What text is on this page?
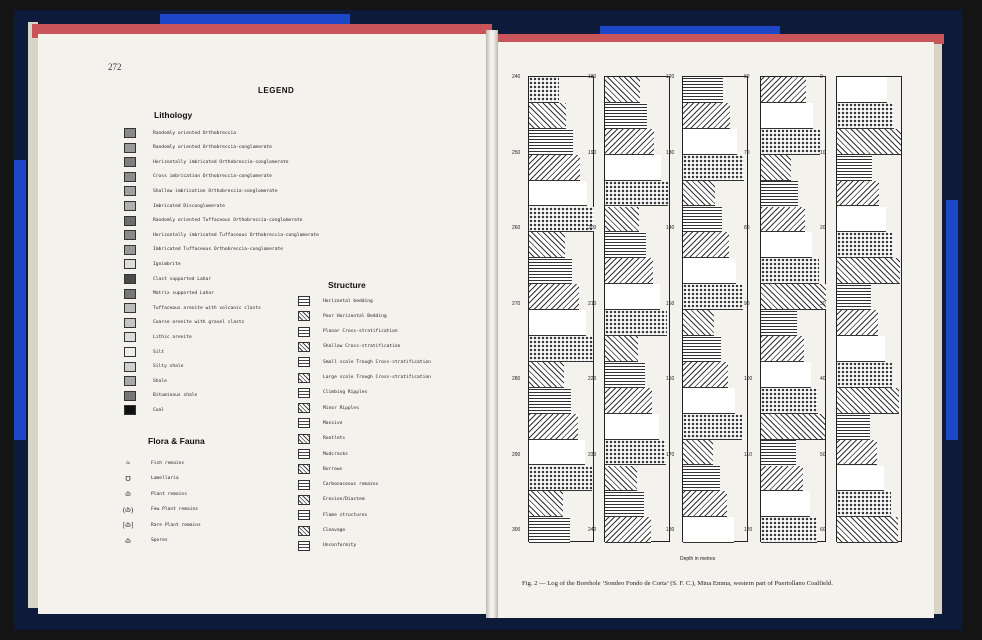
272
LEGEND
Lithology
Flora & Fauna
Structure
Randomly oriented Orthobreccia
Randomly oriented Orthobreccia-conglomerate
Horizontally imbricated Orthobreccia-conglomerate
Cross imbrication Orthobreccia-conglomerate
Shallow imbrication Orthobreccia-conglomerate
Imbricated Disconglomerate
Randomly oriented Tuffaceous Orthobreccia-conglomerate
Horizontally imbricated Tuffaceous Orthobreccia-conglomerate
Imbricated Tuffaceous Orthobreccia-conglomerate
Ignimbrite
Clast supported Lahar
Matrix supported Lahar
Tuffaceous arenite with volcanic clasts
Coarse arenite with gravel clasts
Lithic arenite
Silt
Silty shale
Shale
Bituminous shale
Coal
≈	Fish remains
℧	Lamellaria
ȸ	Plant remains
(ȸ)	Few Plant remains
[ȸ]	Rare Plant remains
ȸ	Spores
Horizontal bedding
Poor Horizontal Bedding
Planar Cross-stratification
Shallow Cross-stratification
Small scale Trough Cross-stratification
Large scale Trough Cross-stratification
Climbing Ripples
Minor Ripples
Massive
Rootlets
Mudcracks
Burrows
Carbonaceous remains
Erosion/Diastem
Flame structures
Cleavage
Unconformity
240
250
260
270
280
290
300
180
190
200
210
220
230
240
120
130
140
150
160
170
180
60
70
80
90
100
110
120
0
10
20
30
40
50
60
Depth in metres
Fig. 2 — Log of the Borehole ‘Sondeo Fondo de Corta’ (S. F. C.), Mina Emma, western part of Puertollano Coalfield.
